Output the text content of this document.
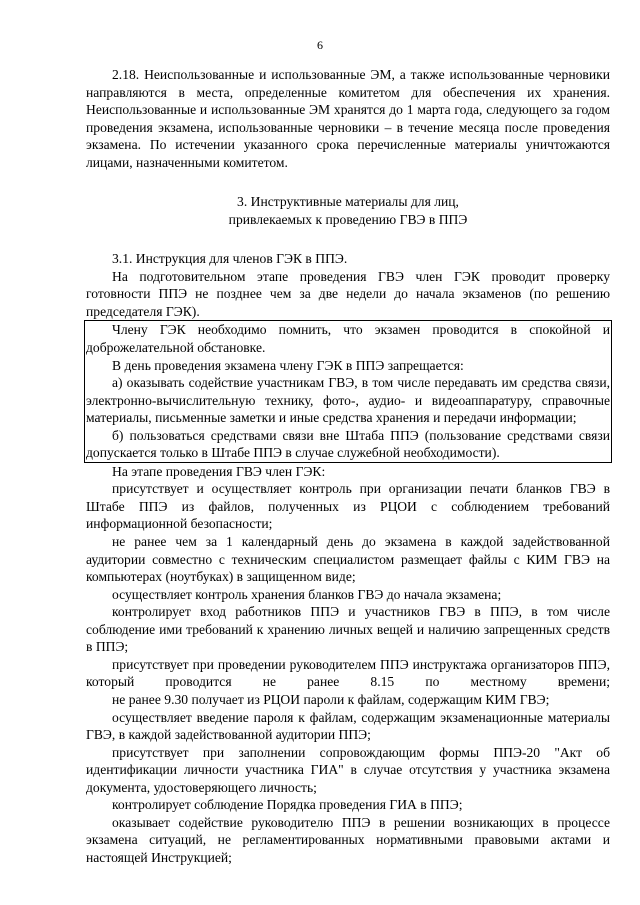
6

2.18. Неиспользованные и использованные ЭМ, а также использованные черновики направляются в места, определенные комитетом для обеспечения их хранения. Неиспользованные и использованные ЭМ хранятся до 1 марта года, следующего за годом проведения экзамена, использованные черновики – в течение месяца после проведения экзамена. По истечении указанного срока перечисленные материалы уничтожаются лицами, назначенными комитетом.

3. Инструктивные материалы для лиц,
привлекаемых к проведению ГВЭ в ППЭ

3.1. Инструкция для членов ГЭК в ППЭ.

На подготовительном этапе проведения ГВЭ член ГЭК проводит проверку готовности ППЭ не позднее чем за две недели до начала экзаменов (по решению председателя ГЭК).

Члену ГЭК необходимо помнить, что экзамен проводится в спокойной и доброжелательной обстановке.

В день проведения экзамена члену ГЭК в ППЭ запрещается:

а) оказывать содействие участникам ГВЭ, в том числе передавать им средства связи, электронно-вычислительную технику, фото-, аудио- и видеоаппаратуру, справочные материалы, письменные заметки и иные средства хранения и передачи информации;

б) пользоваться средствами связи вне Штаба ППЭ (пользование средствами связи допускается только в Штабе ППЭ в случае служебной необходимости).

На этапе проведения ГВЭ член ГЭК:

присутствует и осуществляет контроль при организации печати бланков ГВЭ в Штабе ППЭ из файлов, полученных из РЦОИ с соблюдением требований информационной безопасности;

не ранее чем за 1 календарный день до экзамена в каждой задействованной аудитории совместно с техническим специалистом размещает файлы с КИМ ГВЭ на компьютерах (ноутбуках) в защищенном виде;

осуществляет контроль хранения бланков ГВЭ до начала экзамена;

контролирует вход работников ППЭ и участников ГВЭ в ППЭ, в том числе соблюдение ими требований к хранению личных вещей и наличию запрещенных средств в ППЭ;

присутствует при проведении руководителем ППЭ инструктажа организаторов ППЭ, который проводится не ранее 8.15 по местному времени;

не ранее 9.30 получает из РЦОИ пароли к файлам, содержащим КИМ ГВЭ;

осуществляет введение пароля к файлам, содержащим экзаменационные материалы ГВЭ, в каждой задействованной аудитории ППЭ;

присутствует при заполнении сопровождающим формы ППЭ-20 "Акт об идентификации личности участника ГИА" в случае отсутствия у участника экзамена документа, удостоверяющего личность;

контролирует соблюдение Порядка проведения ГИА в ППЭ;

оказывает содействие руководителю ППЭ в решении возникающих в процессе экзамена ситуаций, не регламентированных нормативными правовыми актами и настоящей Инструкцией;
